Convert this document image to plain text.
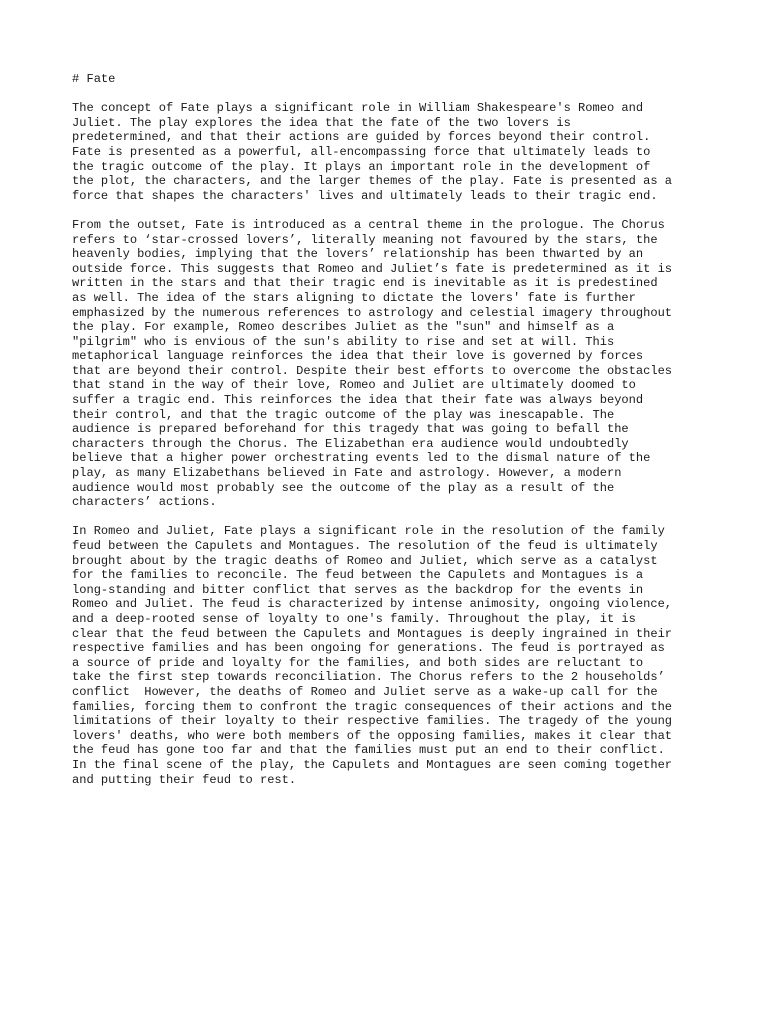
# Fate
The concept of Fate plays a significant role in William Shakespeare's Romeo and
Juliet. The play explores the idea that the fate of the two lovers is
predetermined, and that their actions are guided by forces beyond their control.
Fate is presented as a powerful, all-encompassing force that ultimately leads to
the tragic outcome of the play. It plays an important role in the development of
the plot, the characters, and the larger themes of the play. Fate is presented as a
force that shapes the characters' lives and ultimately leads to their tragic end.
From the outset, Fate is introduced as a central theme in the prologue. The Chorus
refers to ‘star-crossed lovers’, literally meaning not favoured by the stars, the
heavenly bodies, implying that the lovers’ relationship has been thwarted by an
outside force. This suggests that Romeo and Juliet’s fate is predetermined as it is
written in the stars and that their tragic end is inevitable as it is predestined
as well. The idea of the stars aligning to dictate the lovers' fate is further
emphasized by the numerous references to astrology and celestial imagery throughout
the play. For example, Romeo describes Juliet as the "sun" and himself as a
"pilgrim" who is envious of the sun's ability to rise and set at will. This
metaphorical language reinforces the idea that their love is governed by forces
that are beyond their control. Despite their best efforts to overcome the obstacles
that stand in the way of their love, Romeo and Juliet are ultimately doomed to
suffer a tragic end. This reinforces the idea that their fate was always beyond
their control, and that the tragic outcome of the play was inescapable. The
audience is prepared beforehand for this tragedy that was going to befall the
characters through the Chorus. The Elizabethan era audience would undoubtedly
believe that a higher power orchestrating events led to the dismal nature of the
play, as many Elizabethans believed in Fate and astrology. However, a modern
audience would most probably see the outcome of the play as a result of the
characters’ actions.
In Romeo and Juliet, Fate plays a significant role in the resolution of the family
feud between the Capulets and Montagues. The resolution of the feud is ultimately
brought about by the tragic deaths of Romeo and Juliet, which serve as a catalyst
for the families to reconcile. The feud between the Capulets and Montagues is a
long-standing and bitter conflict that serves as the backdrop for the events in
Romeo and Juliet. The feud is characterized by intense animosity, ongoing violence,
and a deep-rooted sense of loyalty to one's family. Throughout the play, it is
clear that the feud between the Capulets and Montagues is deeply ingrained in their
respective families and has been ongoing for generations. The feud is portrayed as
a source of pride and loyalty for the families, and both sides are reluctant to
take the first step towards reconciliation. The Chorus refers to the 2 households’
conflict  However, the deaths of Romeo and Juliet serve as a wake-up call for the
families, forcing them to confront the tragic consequences of their actions and the
limitations of their loyalty to their respective families. The tragedy of the young
lovers' deaths, who were both members of the opposing families, makes it clear that
the feud has gone too far and that the families must put an end to their conflict.
In the final scene of the play, the Capulets and Montagues are seen coming together
and putting their feud to rest.
